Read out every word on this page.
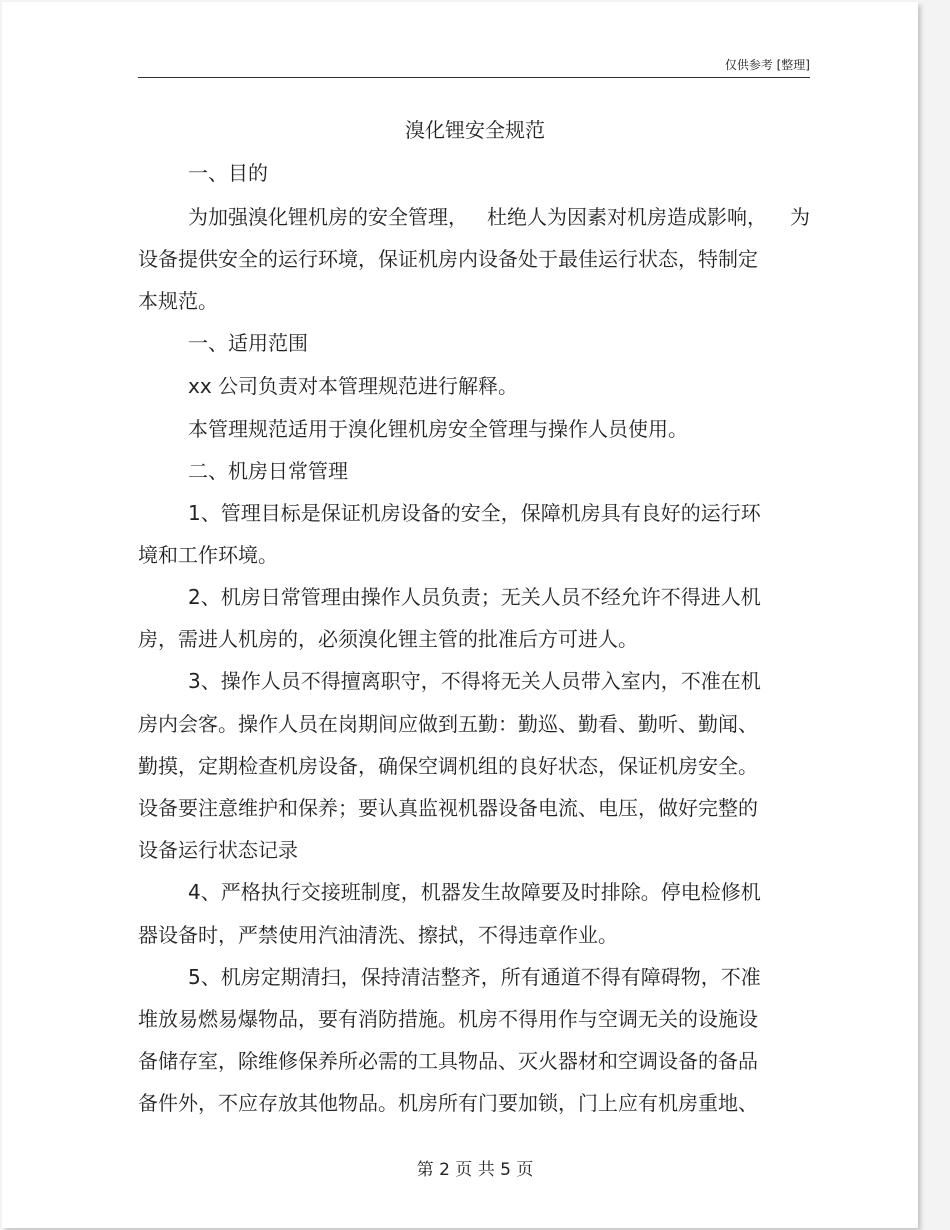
仅供参考 [整理]
溴化锂安全规范
一、目的
为加强溴化锂机房的安全管理， 杜绝人为因素对机房造成影响， 为
设备提供安全的运行环境，保证机房内设备处于最佳运行状态，特制定
本规范。
一、适用范围
xx 公司负责对本管理规范进行解释。
本管理规范适用于溴化锂机房安全管理与操作人员使用。
二、机房日常管理
1、管理目标是保证机房设备的安全，保障机房具有良好的运行环
境和工作环境。
2、机房日常管理由操作人员负责；无关人员不经允许不得进人机
房，需进人机房的，必须溴化锂主管的批准后方可进人。
3、操作人员不得擅离职守，不得将无关人员带入室内，不准在机
房内会客。操作人员在岗期间应做到五勤：勤巡、勤看、勤听、勤闻、
勤摸，定期检查机房设备，确保空调机组的良好状态，保证机房安全。
设备要注意维护和保养；要认真监视机器设备电流、电压，做好完整的
设备运行状态记录
4、严格执行交接班制度，机器发生故障要及时排除。停电检修机
器设备时，严禁使用汽油清洗、擦拭，不得违章作业。
5、机房定期清扫，保持清洁整齐，所有通道不得有障碍物，不准
堆放易燃易爆物品，要有消防措施。机房不得用作与空调无关的设施设
备储存室，除维修保养所必需的工具物品、灭火器材和空调设备的备品
备件外，不应存放其他物品。机房所有门要加锁，门上应有机房重地、
第 2 页 共 5 页
